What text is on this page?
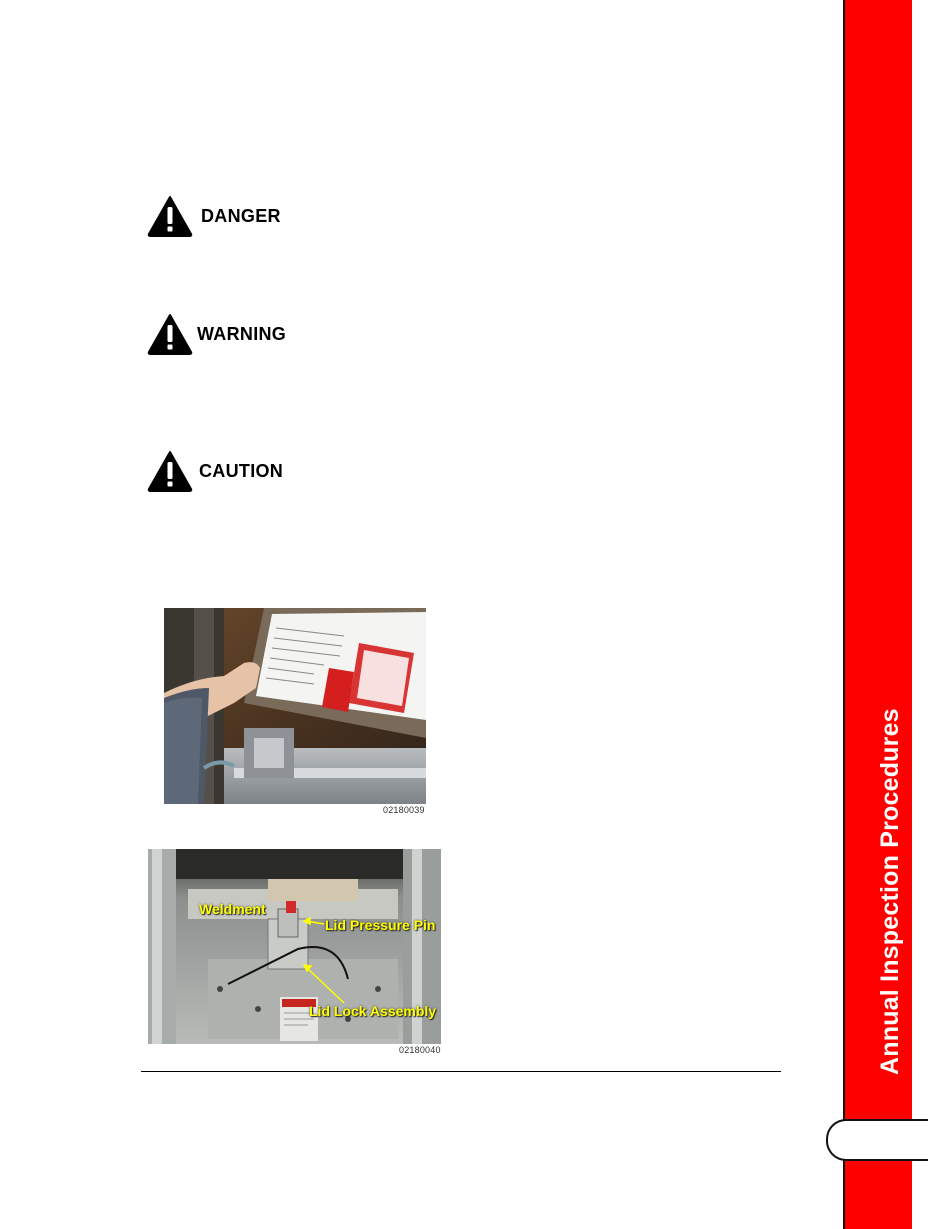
Annual Inspection Procedures
DANGER
WARNING
CAUTION
02180039
Weldment
Lid Pressure Pin
Lid Lock Assembly
02180040
